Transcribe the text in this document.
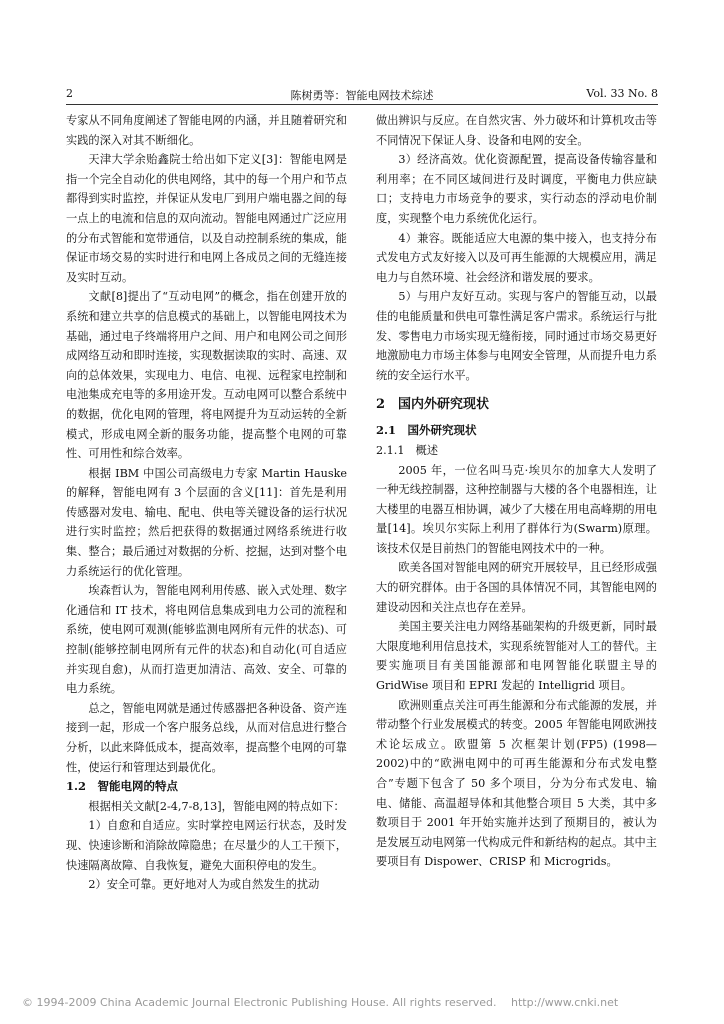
2	陈树勇等：智能电网技术综述	Vol. 33 No. 8

专家从不同角度阐述了智能电网的内涵，并且随着研究和实践的深入对其不断细化。

天津大学余贻鑫院士给出如下定义[3]：智能电网是指一个完全自动化的供电网络，其中的每一个用户和节点都得到实时监控，并保证从发电厂到用户端电器之间的每一点上的电流和信息的双向流动。智能电网通过广泛应用的分布式智能和宽带通信，以及自动控制系统的集成，能保证市场交易的实时进行和电网上各成员之间的无缝连接及实时互动。

文献[8]提出了“互动电网”的概念，指在创建开放的系统和建立共享的信息模式的基础上，以智能电网技术为基础，通过电子终端将用户之间、用户和电网公司之间形成网络互动和即时连接，实现数据读取的实时、高速、双向的总体效果，实现电力、电信、电视、远程家电控制和电池集成充电等的多用途开发。互动电网可以整合系统中的数据，优化电网的管理，将电网提升为互动运转的全新模式，形成电网全新的服务功能，提高整个电网的可靠性、可用性和综合效率。

根据 IBM 中国公司高级电力专家 Martin Hauske 的解释，智能电网有 3 个层面的含义[11]：首先是利用传感器对发电、输电、配电、供电等关键设备的运行状况进行实时监控；然后把获得的数据通过网络系统进行收集、整合；最后通过对数据的分析、挖掘，达到对整个电力系统运行的优化管理。

埃森哲认为，智能电网利用传感、嵌入式处理、数字化通信和 IT 技术，将电网信息集成到电力公司的流程和系统，使电网可观测(能够监测电网所有元件的状态)、可控制(能够控制电网所有元件的状态)和自动化(可自适应并实现自愈)，从而打造更加清洁、高效、安全、可靠的电力系统。

总之，智能电网就是通过传感器把各种设备、资产连接到一起，形成一个客户服务总线，从而对信息进行整合分析，以此来降低成本，提高效率，提高整个电网的可靠性，使运行和管理达到最优化。

1.2　智能电网的特点

根据相关文献[2-4,7-8,13]，智能电网的特点如下：

1）自愈和自适应。实时掌控电网运行状态，及时发现、快速诊断和消除故障隐患；在尽量少的人工干预下，快速隔离故障、自我恢复，避免大面积停电的发生。

2）安全可靠。更好地对人为或自然发生的扰动

做出辨识与反应。在自然灾害、外力破坏和计算机攻击等不同情况下保证人身、设备和电网的安全。

3）经济高效。优化资源配置，提高设备传输容量和利用率；在不同区域间进行及时调度，平衡电力供应缺口；支持电力市场竞争的要求，实行动态的浮动电价制度，实现整个电力系统优化运行。

4）兼容。既能适应大电源的集中接入，也支持分布式发电方式友好接入以及可再生能源的大规模应用，满足电力与自然环境、社会经济和谐发展的要求。

5）与用户友好互动。实现与客户的智能互动，以最佳的电能质量和供电可靠性满足客户需求。系统运行与批发、零售电力市场实现无缝衔接，同时通过市场交易更好地激励电力市场主体参与电网安全管理，从而提升电力系统的安全运行水平。

2　国内外研究现状
2.1　国外研究现状
2.1.1　概述

2005 年，一位名叫马克·埃贝尔的加拿大人发明了一种无线控制器，这种控制器与大楼的各个电器相连，让大楼里的电器互相协调，减少了大楼在用电高峰期的用电量[14]。埃贝尔实际上利用了群体行为(Swarm)原理。该技术仅是目前热门的智能电网技术中的一种。

欧美各国对智能电网的研究开展较早，且已经形成强大的研究群体。由于各国的具体情况不同，其智能电网的建设动因和关注点也存在差异。

美国主要关注电力网络基础架构的升级更新，同时最大限度地利用信息技术，实现系统智能对人工的替代。主要实施项目有美国能源部和电网智能化联盟主导的 GridWise 项目和 EPRI 发起的 Intelligrid 项目。

欧洲则重点关注可再生能源和分布式能源的发展，并带动整个行业发展模式的转变。2005 年智能电网欧洲技术论坛成立。欧盟第 5 次框架计划(FP5) (1998—2002)中的“欧洲电网中的可再生能源和分布式发电整合”专题下包含了 50 多个项目，分为分布式发电、输电、储能、高温超导体和其他整合项目 5 大类，其中多数项目于 2001 年开始实施并达到了预期目的，被认为是发展互动电网第一代构成元件和新结构的起点。其中主要项目有 Dispower、CRISP 和 Microgrids。

© 1994-2009 China Academic Journal Electronic Publishing House. All rights reserved.　 http://www.cnki.net
